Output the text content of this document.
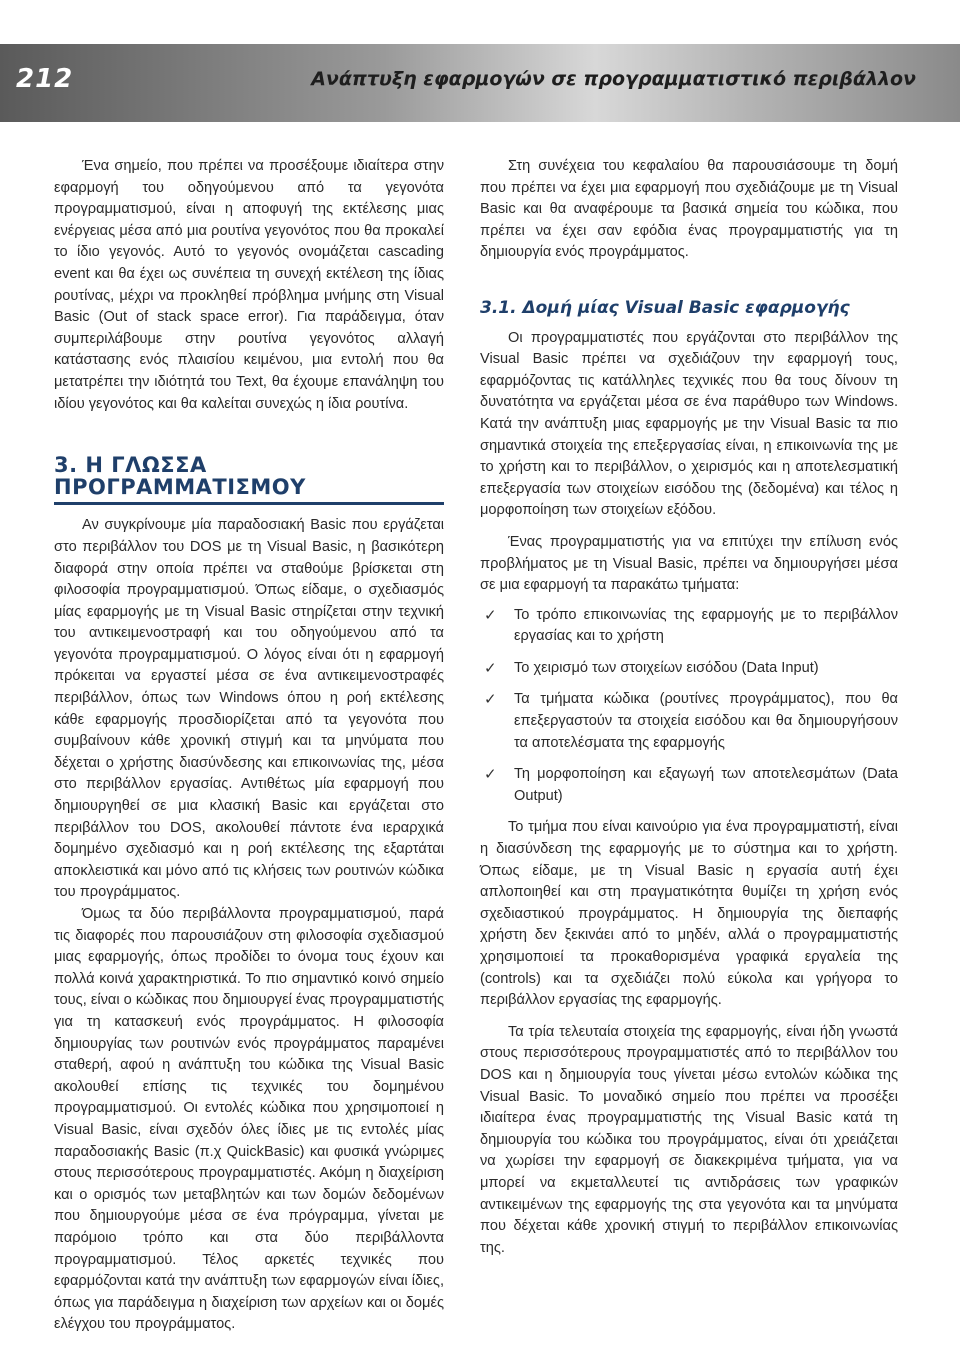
212	Ανάπτυξη εφαρμογών σε προγραμματιστικό περιβάλλον

Ένα σημείο, που πρέπει να προσέξουμε ιδιαίτερα στην εφαρμογή του οδηγούμενου από τα γεγονότα προγραμματισμού, είναι η αποφυγή της εκτέλεσης μιας ενέργειας μέσα από μια ρουτίνα γεγονότος που θα προκαλεί το ίδιο γεγονός. Αυτό το γεγονός ονομάζεται cascading event και θα έχει ως συνέπεια τη συνεχή εκτέλεση της ίδιας ρουτίνας, μέχρι να προκληθεί πρόβλημα μνήμης στη Visual Basic (Out of stack space error). Για παράδειγμα, όταν συμπεριλάβουμε στην ρουτίνα γεγονότος αλλαγή κατάστασης ενός πλαισίου κειμένου, μια εντολή που θα μετατρέπει την ιδιότητά του Text, θα έχουμε επανάληψη του ιδίου γεγονότος και θα καλείται συνεχώς η ίδια ρουτίνα.

3. Η ΓΛΩΣΣΑ ΠΡΟΓΡΑΜΜΑΤΙΣΜΟΥ

Αν συγκρίνουμε μία παραδοσιακή Basic που εργάζεται στο περιβάλλον του DOS με τη Visual Basic, η βασικότερη διαφορά στην οποία πρέπει να σταθούμε βρίσκεται στη φιλοσοφία προγραμματισμού. Όπως είδαμε, ο σχεδιασμός μίας εφαρμογής με τη Visual Basic στηρίζεται στην τεχνική του αντικειμενοστραφή και του οδηγούμενου από τα γεγονότα προγραμματισμού. Ο λόγος είναι ότι η εφαρμογή πρόκειται να εργαστεί μέσα σε ένα αντικειμενοστραφές περιβάλλον, όπως των Windows όπου η ροή εκτέλεσης κάθε εφαρμογής προσδιορίζεται από τα γεγονότα που συμβαίνουν κάθε χρονική στιγμή και τα μηνύματα που δέχεται ο χρήστης διασύνδεσης και επικοινωνίας της, μέσα στο περιβάλλον εργασίας. Αντιθέτως μία εφαρμογή που δημιουργηθεί σε μια κλασική Basic και εργάζεται στο περιβάλλον του DOS, ακολουθεί πάντοτε ένα ιεραρχικά δομημένο σχεδιασμό και η ροή εκτέλεσης της εξαρτάται αποκλειστικά και μόνο από τις κλήσεις των ρουτινών κώδικα του προγράμματος.

Όμως τα δύο περιβάλλοντα προγραμματισμού, παρά τις διαφορές που παρουσιάζουν στη φιλοσοφία σχεδιασμού μιας εφαρμογής, όπως προδίδει το όνομα τους έχουν και πολλά κοινά χαρακτηριστικά. Το πιο σημαντικό κοινό σημείο τους, είναι ο κώδικας που δημιουργεί ένας προγραμματιστής για τη κατασκευή ενός προγράμματος. Η φιλοσοφία δημιουργίας των ρουτινών ενός προγράμματος παραμένει σταθερή, αφού η ανάπτυξη του κώδικα της Visual Basic ακολουθεί επίσης τις τεχνικές του δομημένου προγραμματισμού. Οι εντολές κώδικα που χρησιμοποιεί η Visual Basic, είναι σχεδόν όλες ίδιες με τις εντολές μίας παραδοσιακής Basic (π.χ QuickBasic) και φυσικά γνώριμες στους περισσότερους προγραμματιστές. Ακόμη η διαχείριση και ο ορισμός των μεταβλητών και των δομών δεδομένων που δημιουργούμε μέσα σε ένα πρόγραμμα, γίνεται με παρόμοιο τρόπο και στα δύο περιβάλλοντα προγραμματισμού. Τέλος αρκετές τεχνικές που εφαρμόζονται κατά την ανάπτυξη των εφαρμογών είναι ίδιες, όπως για παράδειγμα η διαχείριση των αρχείων και οι δομές ελέγχου του προγράμματος.

Στη συνέχεια του κεφαλαίου θα παρουσιάσουμε τη δομή που πρέπει να έχει μια εφαρμογή που σχεδιάζουμε με τη Visual Basic και θα αναφέρουμε τα βασικά σημεία του κώδικα, που πρέπει να έχει σαν εφόδια ένας προγραμματιστής για τη δημιουργία ενός προγράμματος.

3.1. Δομή μίας Visual Basic εφαρμογής

Οι προγραμματιστές που εργάζονται στο περιβάλλον της Visual Basic πρέπει να σχεδιάζουν την εφαρμογή τους, εφαρμόζοντας τις κατάλληλες τεχνικές που θα τους δίνουν τη δυνατότητα να εργάζεται μέσα σε ένα παράθυρο των Windows. Κατά την ανάπτυξη μιας εφαρμογής με την Visual Basic τα πιο σημαντικά στοιχεία της επεξεργασίας είναι, η επικοινωνία της με το χρήστη και το περιβάλλον, ο χειρισμός και η αποτελεσματική επεξεργασία των στοιχείων εισόδου της (δεδομένα) και τέλος η μορφοποίηση των στοιχείων εξόδου.

Ένας προγραμματιστής για να επιτύχει την επίλυση ενός προβλήματος με τη Visual Basic, πρέπει να δημιουργήσει μέσα σε μια εφαρμογή τα παρακάτω τμήματα:

✓ Το τρόπο επικοινωνίας της εφαρμογής με το περιβάλλον εργασίας και το χρήστη
✓ Το χειρισμό των στοιχείων εισόδου (Data Input)
✓ Τα τμήματα κώδικα (ρουτίνες προγράμματος), που θα επεξεργαστούν τα στοιχεία εισόδου και θα δημιουργήσουν τα αποτελέσματα της εφαρμογής
✓ Τη μορφοποίηση και εξαγωγή των αποτελεσμάτων (Data Output)

Το τμήμα που είναι καινούριο για ένα προγραμματιστή, είναι η διασύνδεση της εφαρμογής με το σύστημα και το χρήστη. Όπως είδαμε, με τη Visual Basic η εργασία αυτή έχει απλοποιηθεί και στη πραγματικότητα θυμίζει τη χρήση ενός σχεδιαστικού προγράμματος. Η δημιουργία της διεπαφής χρήστη δεν ξεκινάει από το μηδέν, αλλά ο προγραμματιστής χρησιμοποιεί τα προκαθορισμένα γραφικά εργαλεία της (controls) και τα σχεδιάζει πολύ εύκολα και γρήγορα το περιβάλλον εργασίας της εφαρμογής.

Τα τρία τελευταία στοιχεία της εφαρμογής, είναι ήδη γνωστά στους περισσότερους προγραμματιστές από το περιβάλλον του DOS και η δημιουργία τους γίνεται μέσω εντολών κώδικα της Visual Basic. Το μοναδικό σημείο που πρέπει να προσέξει ιδιαίτερα ένας προγραμματιστής της Visual Basic κατά τη δημιουργία του κώδικα του προγράμματος, είναι ότι χρειάζεται να χωρίσει την εφαρμογή σε διακεκριμένα τμήματα, για να μπορεί να εκμεταλλευτεί τις αντιδράσεις των γραφικών αντικειμένων της εφαρμογής της στα γεγονότα και τα μηνύματα που δέχεται κάθε χρονική στιγμή το περιβάλλον επικοινωνίας της.
